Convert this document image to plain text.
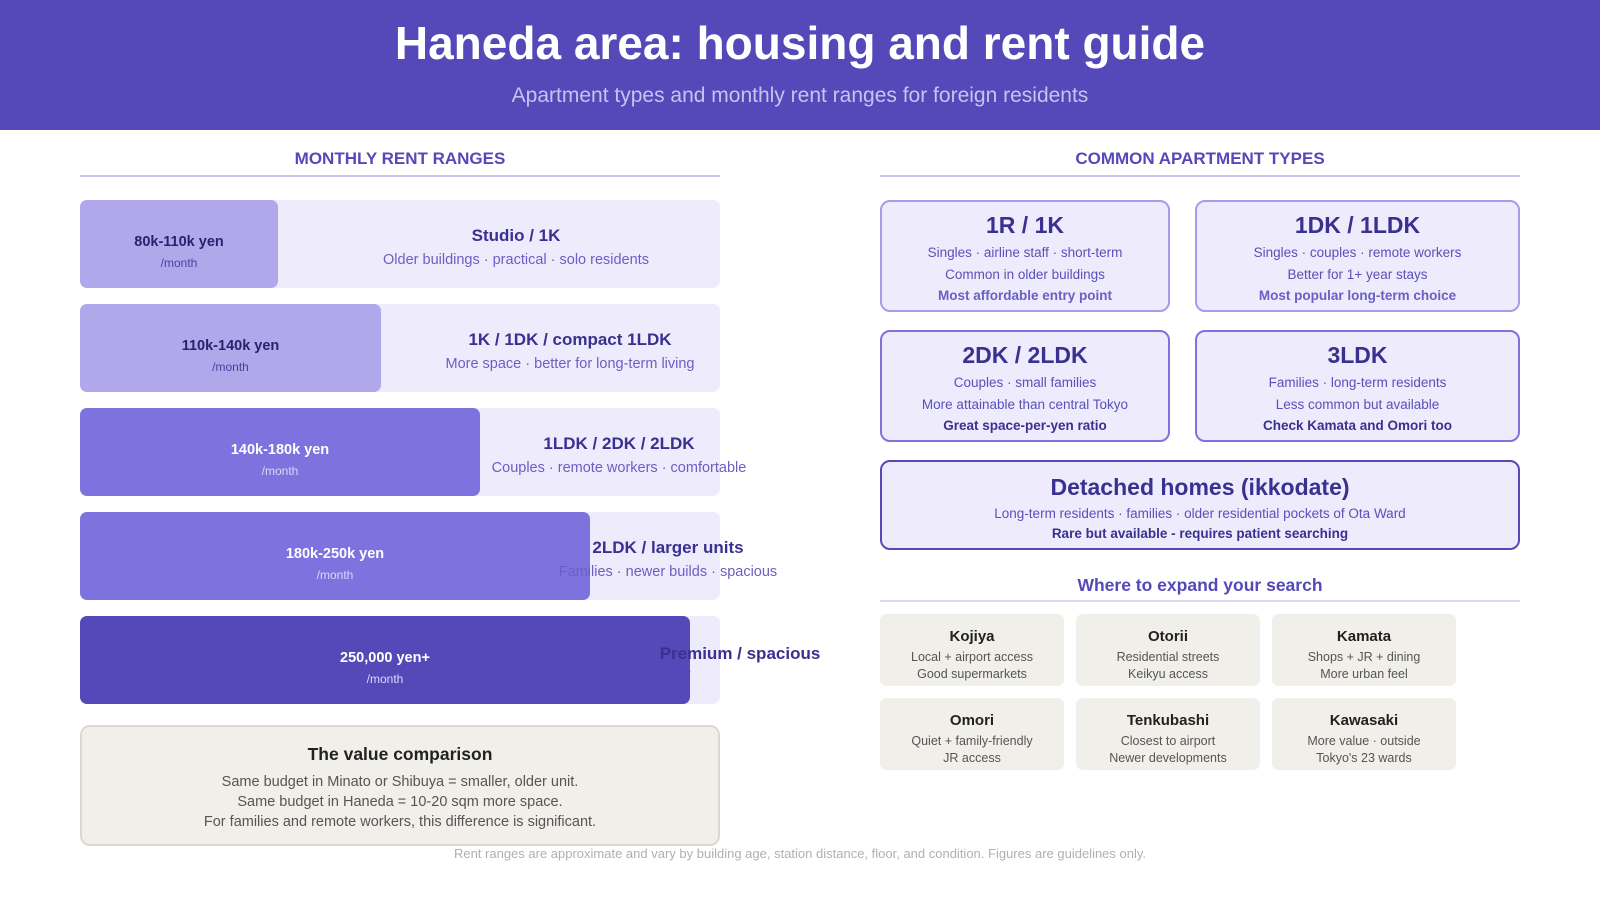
Haneda area: housing and rent guide
Apartment types and monthly rent ranges for foreign residents
MONTHLY RENT RANGES
80k-110k yen
/month
Studio / 1K
Older buildings · practical · solo residents
110k-140k yen
/month
1K / 1DK / compact 1LDK
More space · better for long-term living
140k-180k yen
/month
1LDK / 2DK / 2LDK
Couples · remote workers · comfortable
180k-250k yen
/month
2LDK / larger units
Families · newer builds · spacious
Premium / spacious
250,000 yen+
/month
The value comparison
Same budget in Minato or Shibuya = smaller, older unit.
Same budget in Haneda = 10-20 sqm more space.
For families and remote workers, this difference is significant.
COMMON APARTMENT TYPES
1R / 1K
Singles · airline staff · short-term
Common in older buildings
Most affordable entry point
1DK / 1LDK
Singles · couples · remote workers
Better for 1+ year stays
Most popular long-term choice
2DK / 2LDK
Couples · small families
More attainable than central Tokyo
Great space-per-yen ratio
3LDK
Families · long-term residents
Less common but available
Check Kamata and Omori too
Detached homes (ikkodate)
Long-term residents · families · older residential pockets of Ota Ward
Rare but available - requires patient searching
Where to expand your search
Kojiya
Local + airport access
Good supermarkets
Otorii
Residential streets
Keikyu access
Kamata
Shops + JR + dining
More urban feel
Omori
Quiet + family-friendly
JR access
Tenkubashi
Closest to airport
Newer developments
Kawasaki
More value · outside
Tokyo's 23 wards
Rent ranges are approximate and vary by building age, station distance, floor, and condition. Figures are guidelines only.
